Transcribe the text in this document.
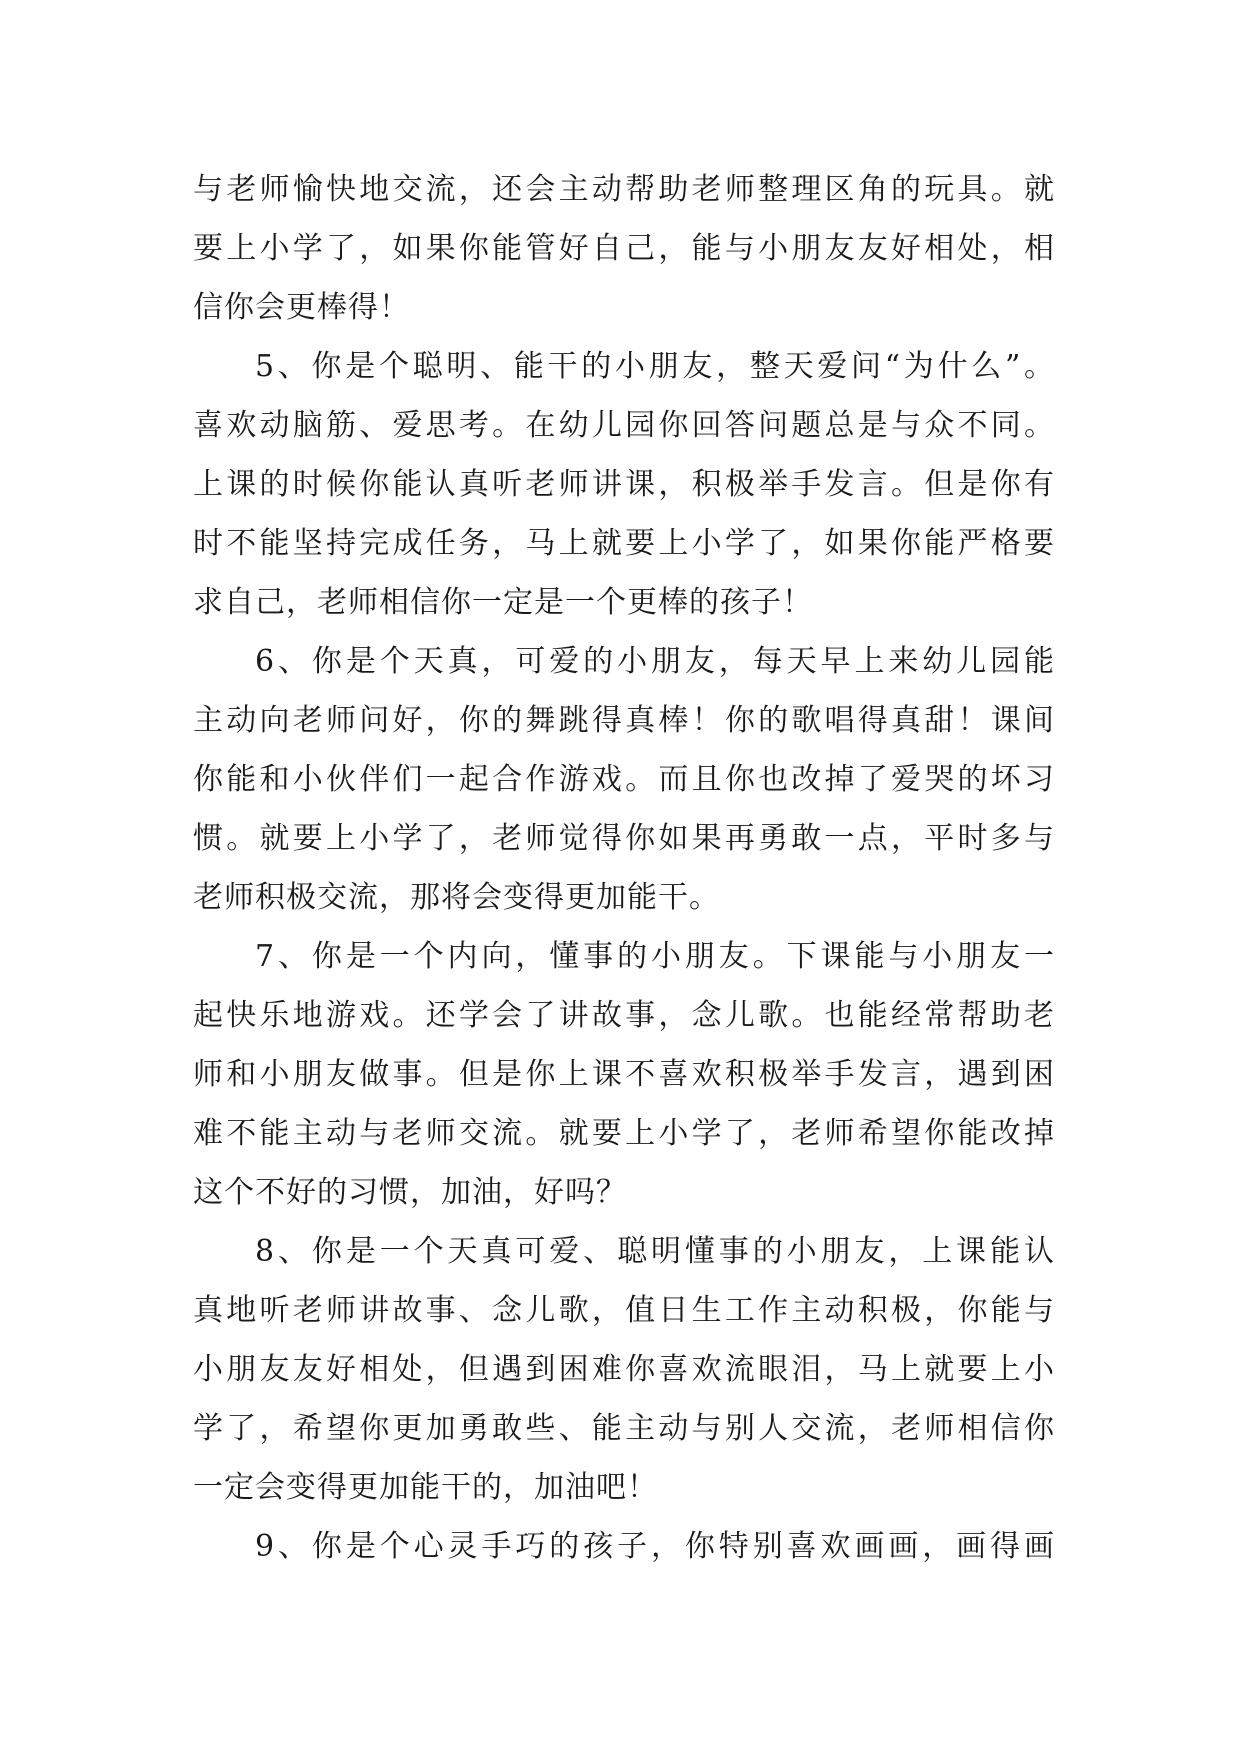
与老师愉快地交流，还会主动帮助老师整理区角的玩具。就
要上小学了，如果你能管好自己，能与小朋友友好相处，相
信你会更棒得！
5、你是个聪明、能干的小朋友，整天爱问“为什么”。
喜欢动脑筋、爱思考。在幼儿园你回答问题总是与众不同。
上课的时候你能认真听老师讲课，积极举手发言。但是你有
时不能坚持完成任务，马上就要上小学了，如果你能严格要
求自己，老师相信你一定是一个更棒的孩子！
6、你是个天真，可爱的小朋友，每天早上来幼儿园能
主动向老师问好，你的舞跳得真棒！你的歌唱得真甜！课间
你能和小伙伴们一起合作游戏。而且你也改掉了爱哭的坏习
惯。就要上小学了，老师觉得你如果再勇敢一点，平时多与
老师积极交流，那将会变得更加能干。
7、你是一个内向，懂事的小朋友。下课能与小朋友一
起快乐地游戏。还学会了讲故事，念儿歌。也能经常帮助老
师和小朋友做事。但是你上课不喜欢积极举手发言，遇到困
难不能主动与老师交流。就要上小学了，老师希望你能改掉
这个不好的习惯，加油，好吗？
8、你是一个天真可爱、聪明懂事的小朋友，上课能认
真地听老师讲故事、念儿歌，值日生工作主动积极，你能与
小朋友友好相处，但遇到困难你喜欢流眼泪，马上就要上小
学了，希望你更加勇敢些、能主动与别人交流，老师相信你
一定会变得更加能干的，加油吧！
9、你是个心灵手巧的孩子，你特别喜欢画画，画得画
